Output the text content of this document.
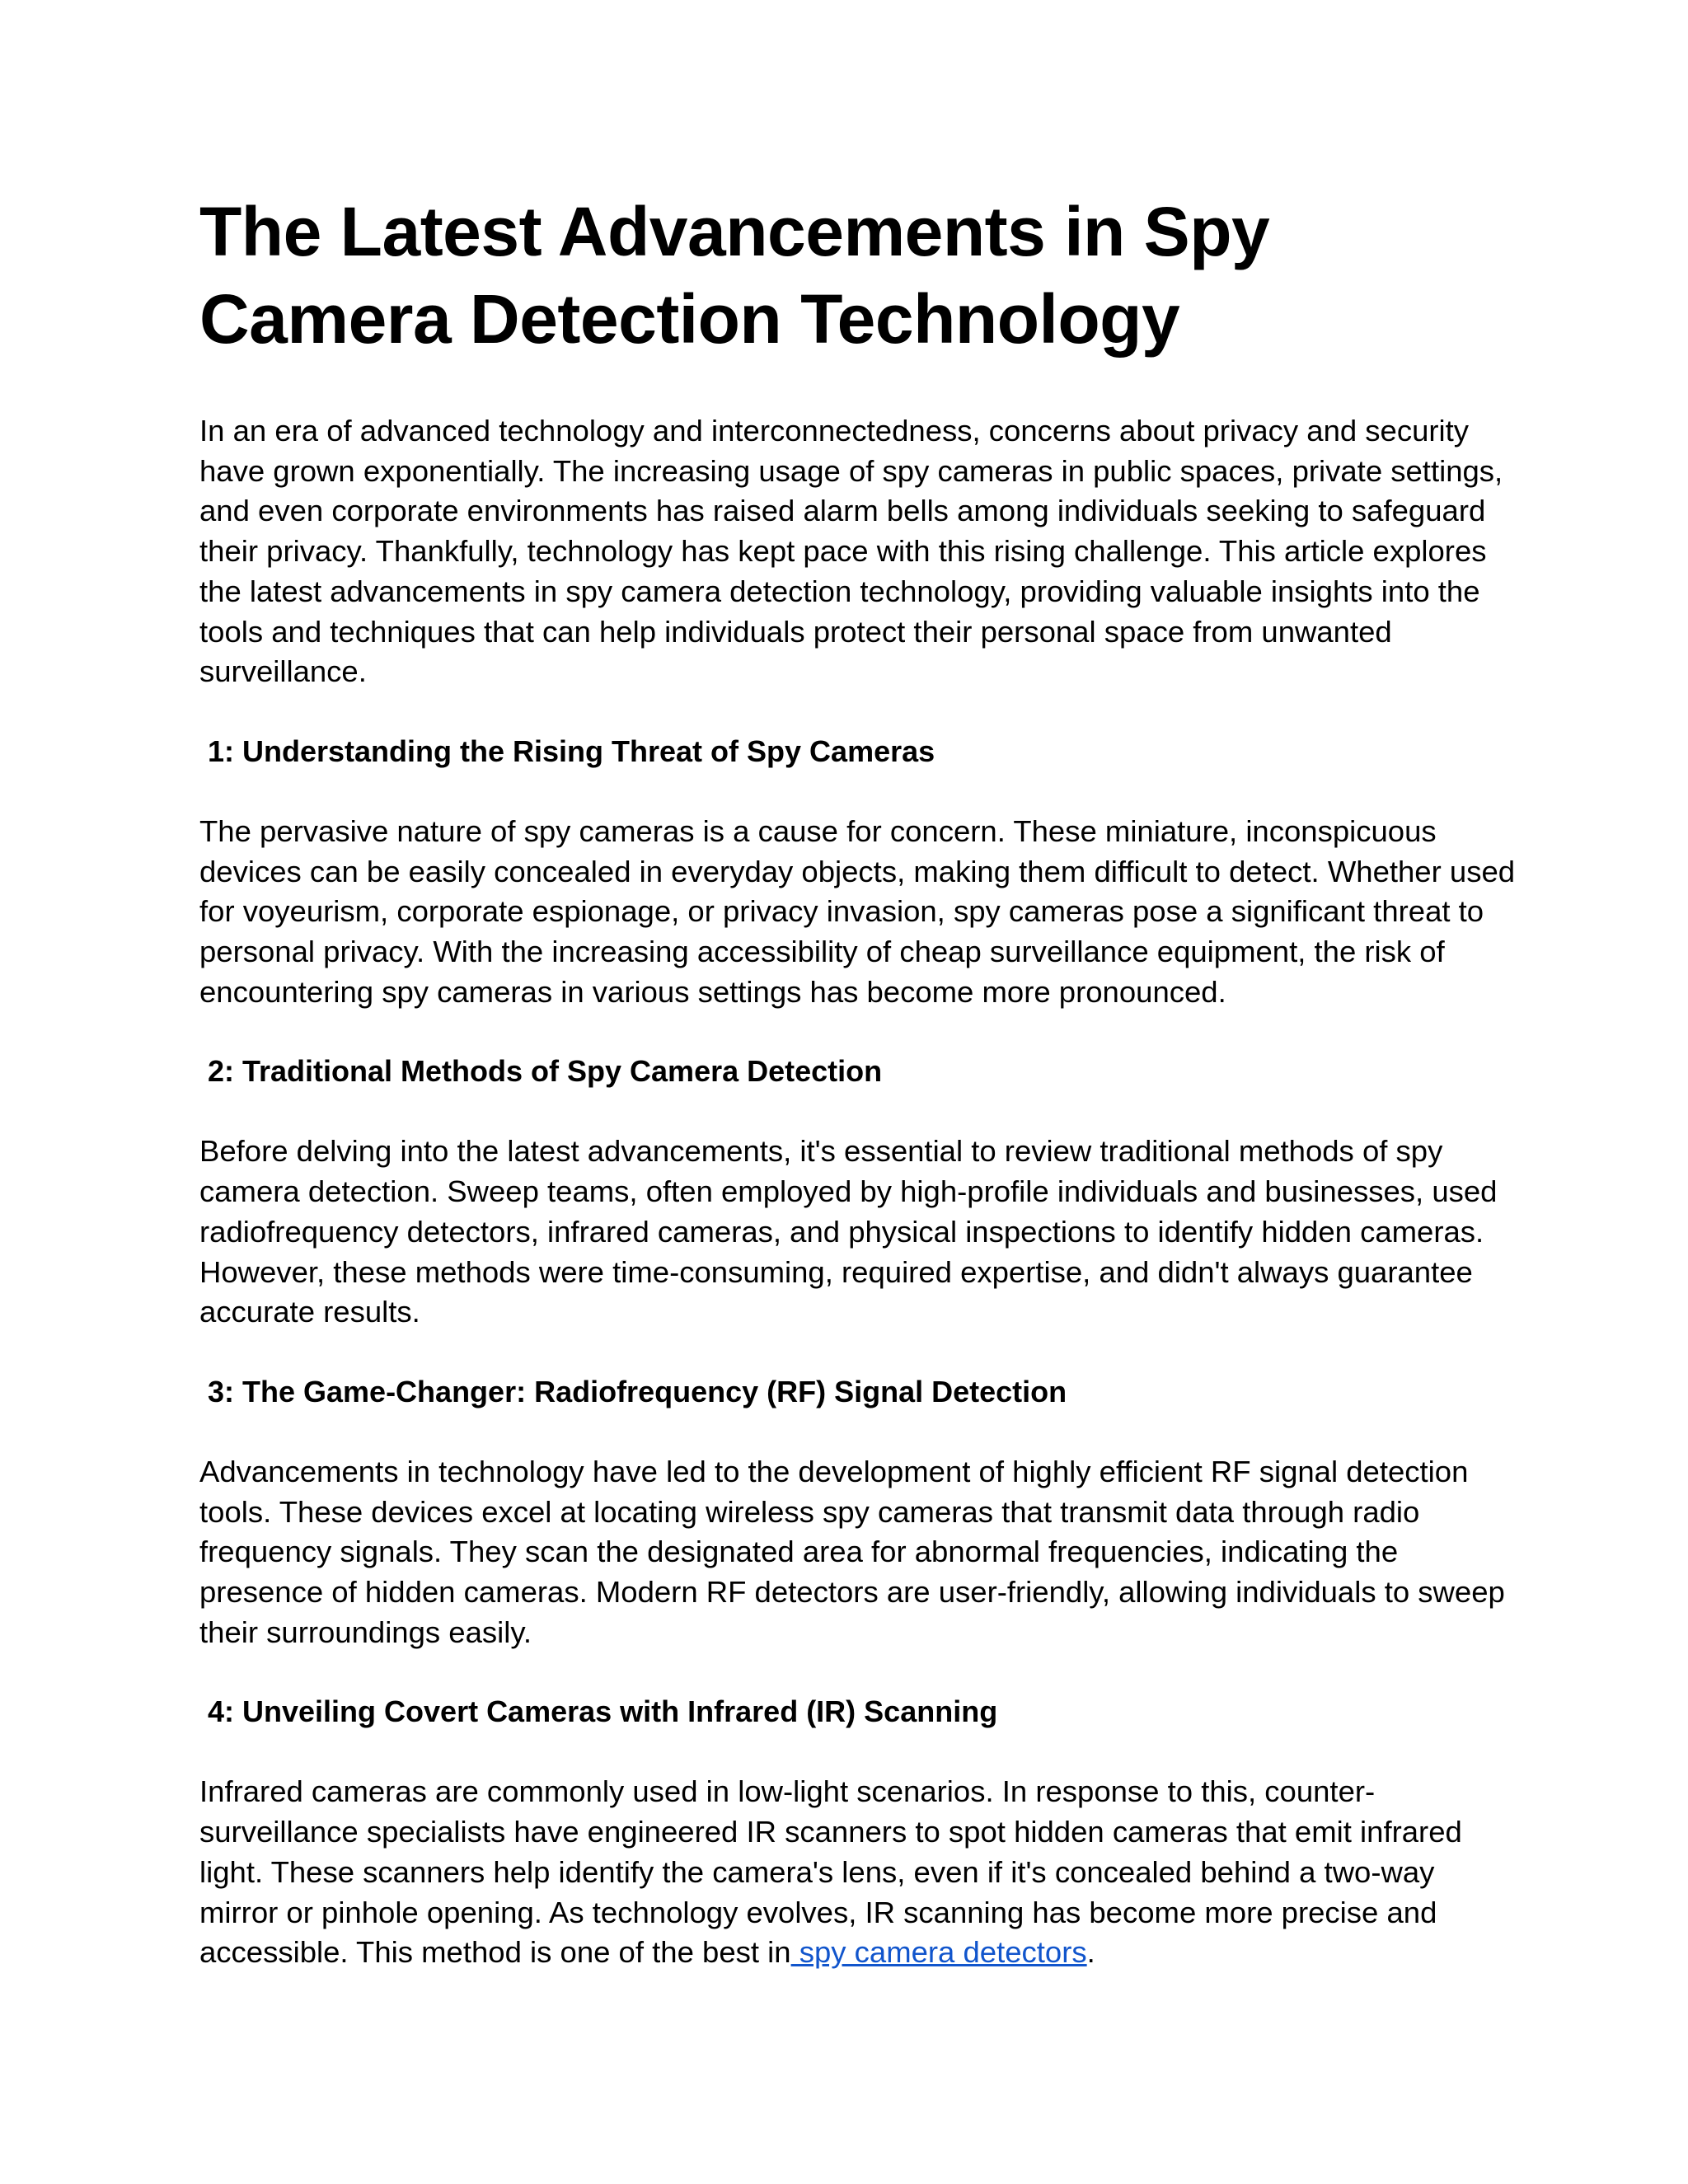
The Latest Advancements in Spy Camera Detection Technology

In an era of advanced technology and interconnectedness, concerns about privacy and security have grown exponentially. The increasing usage of spy cameras in public spaces, private settings, and even corporate environments has raised alarm bells among individuals seeking to safeguard their privacy. Thankfully, technology has kept pace with this rising challenge. This article explores the latest advancements in spy camera detection technology, providing valuable insights into the tools and techniques that can help individuals protect their personal space from unwanted surveillance.

1: Understanding the Rising Threat of Spy Cameras

The pervasive nature of spy cameras is a cause for concern. These miniature, inconspicuous devices can be easily concealed in everyday objects, making them difficult to detect. Whether used for voyeurism, corporate espionage, or privacy invasion, spy cameras pose a significant threat to personal privacy. With the increasing accessibility of cheap surveillance equipment, the risk of encountering spy cameras in various settings has become more pronounced.

2: Traditional Methods of Spy Camera Detection

Before delving into the latest advancements, it's essential to review traditional methods of spy camera detection. Sweep teams, often employed by high-profile individuals and businesses, used radiofrequency detectors, infrared cameras, and physical inspections to identify hidden cameras. However, these methods were time-consuming, required expertise, and didn't always guarantee accurate results.

3: The Game-Changer: Radiofrequency (RF) Signal Detection

Advancements in technology have led to the development of highly efficient RF signal detection tools. These devices excel at locating wireless spy cameras that transmit data through radio frequency signals. They scan the designated area for abnormal frequencies, indicating the presence of hidden cameras. Modern RF detectors are user-friendly, allowing individuals to sweep their surroundings easily.

4: Unveiling Covert Cameras with Infrared (IR) Scanning

Infrared cameras are commonly used in low-light scenarios. In response to this, counter-surveillance specialists have engineered IR scanners to spot hidden cameras that emit infrared light. These scanners help identify the camera's lens, even if it's concealed behind a two-way mirror or pinhole opening. As technology evolves, IR scanning has become more precise and accessible. This method is one of the best in spy camera detectors.
